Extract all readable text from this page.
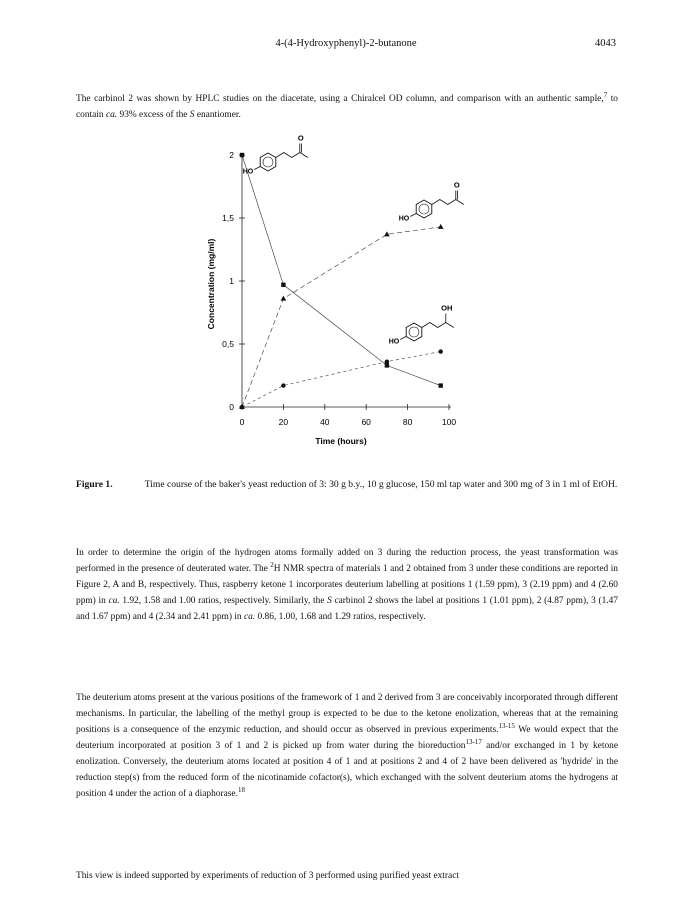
4-(4-Hydroxyphenyl)-2-butanone	4043
The carbinol 2 was shown by HPLC studies on the diacetate, using a Chiralcel OD column, and comparison with an authentic sample,$^7$ to contain ca. 93% excess of the S enantiomer.
0	20	40	60	80	100
0
0,5
1
1,5
2
HO
O
HO
O
HO
OH
Concentration (mg/ml)
Time (hours)
Figure 1.	Time course of the baker's yeast reduction of 3: 30 g b.y., 10 g glucose, 150 ml tap water and 300 mg of 3 in 1 ml of EtOH.
In order to determine the origin of the hydrogen atoms formally added on 3 during the reduction process, the yeast transformation was performed in the presence of deuterated water. The $^2$H NMR spectra of materials 1 and 2 obtained from 3 under these conditions are reported in Figure 2, A and B, respectively. Thus, raspberry ketone 1 incorporates deuterium labelling at positions 1 (1.59 ppm), 3 (2.19 ppm) and 4 (2.60 ppm) in ca. 1.92, 1.58 and 1.00 ratios, respectively. Similarly, the S carbinol 2 shows the label at positions 1 (1.01 ppm), 2 (4.87 ppm), 3 (1.47 and 1.67 ppm) and 4 (2.34 and 2.41 ppm) in ca. 0.86, 1.00, 1.68 and 1.29 ratios, respectively.
The deuterium atoms present at the various positions of the framework of 1 and 2 derived from 3 are conceivably incorporated through different mechanisms. In particular, the labelling of the methyl group is expected to be due to the ketone enolization, whereas that at the remaining positions is a consequence of the enzymic reduction, and should occur as observed in previous experiments.$^{13-15}$ We would expect that the deuterium incorporated at position 3 of 1 and 2 is picked up from water during the bioreduction$^{13-17}$ and/or exchanged in 1 by ketone enolization. Conversely, the deuterium atoms located at position 4 of 1 and at positions 2 and 4 of 2 have been delivered as 'hydride' in the reduction step(s) from the reduced form of the nicotinamide cofactor(s), which exchanged with the solvent deuterium atoms the hydrogens at position 4 under the action of a diaphorase.$^{18}$
This view is indeed supported by experiments of reduction of 3 performed using purified yeast extract
